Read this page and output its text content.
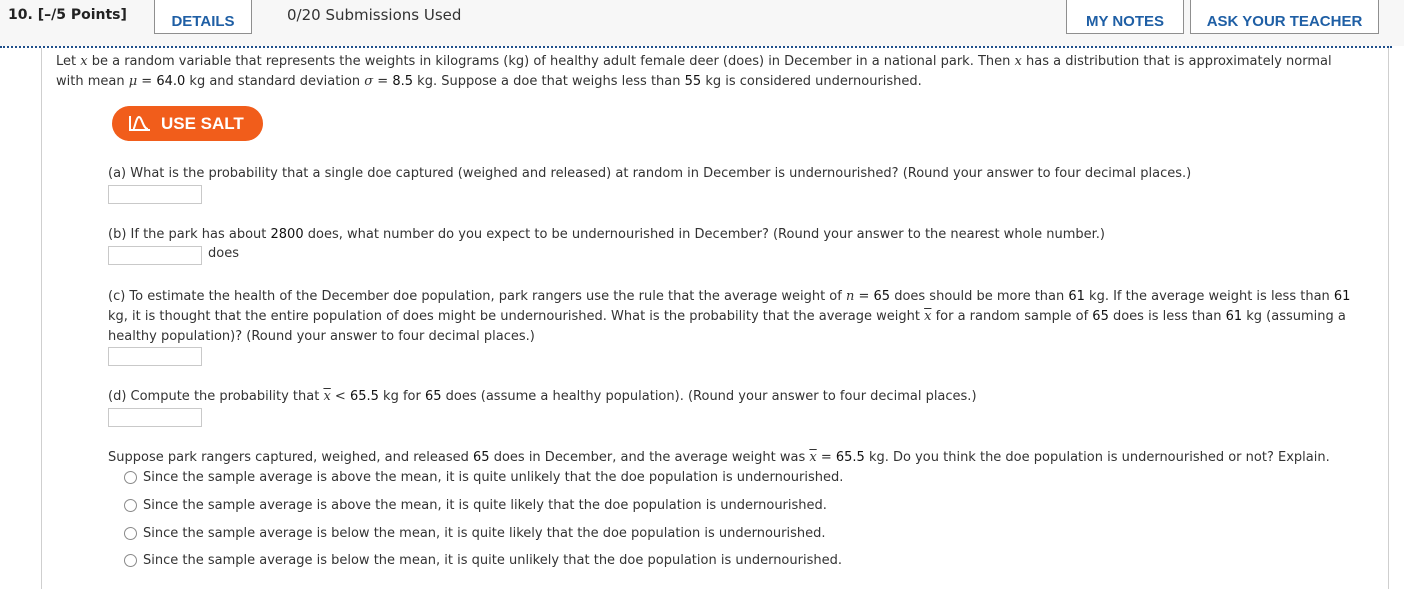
10. [–/5 Points]	DETAILS	0/20 Submissions Used	MY NOTES	ASK YOUR TEACHER
Let x be a random variable that represents the weights in kilograms (kg) of healthy adult female deer (does) in December in a national park. Then x has a distribution that is approximately normal
with mean μ = 64.0 kg and standard deviation σ = 8.5 kg. Suppose a doe that weighs less than 55 kg is considered undernourished.
USE SALT
(a) What is the probability that a single doe captured (weighed and released) at random in December is undernourished? (Round your answer to four decimal places.)
(b) If the park has about 2800 does, what number do you expect to be undernourished in December? (Round your answer to the nearest whole number.)
does
(c) To estimate the health of the December doe population, park rangers use the rule that the average weight of n = 65 does should be more than 61 kg. If the average weight is less than 61
kg, it is thought that the entire population of does might be undernourished. What is the probability that the average weight $\overline{x}$ for a random sample of 65 does is less than 61 kg (assuming a
healthy population)? (Round your answer to four decimal places.)
(d) Compute the probability that $\overline{x} < 65.5$ kg for 65 does (assume a healthy population). (Round your answer to four decimal places.)
Suppose park rangers captured, weighed, and released 65 does in December, and the average weight was $\overline{x} = 65.5$ kg. Do you think the doe population is undernourished or not? Explain.
Since the sample average is above the mean, it is quite unlikely that the doe population is undernourished.
Since the sample average is above the mean, it is quite likely that the doe population is undernourished.
Since the sample average is below the mean, it is quite likely that the doe population is undernourished.
Since the sample average is below the mean, it is quite unlikely that the doe population is undernourished.
